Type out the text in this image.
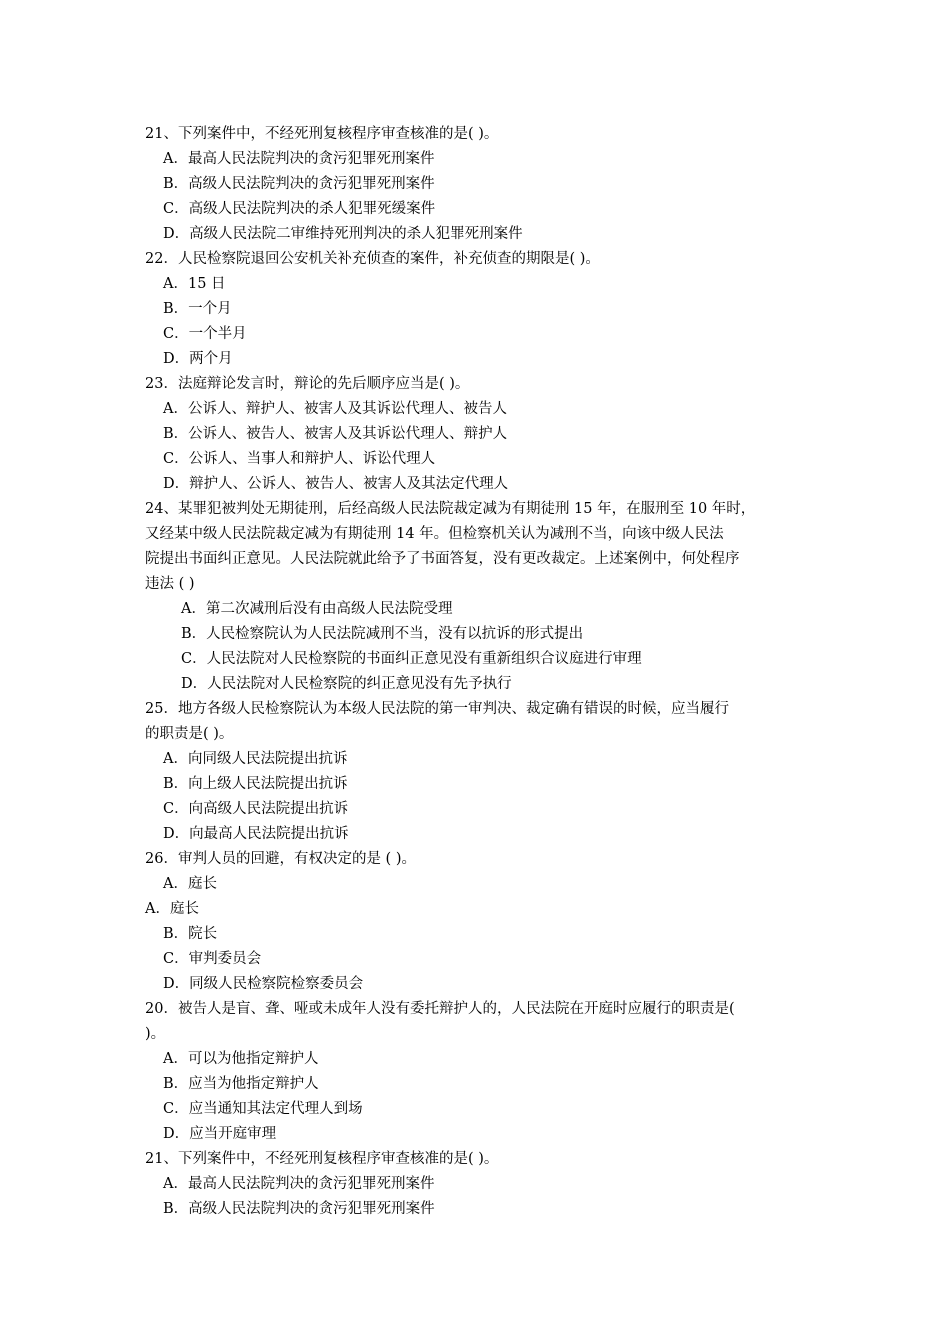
21、下列案件中，不经死刑复核程序审查核准的是( )。
A．最高人民法院判决的贪污犯罪死刑案件
B．高级人民法院判决的贪污犯罪死刑案件
C．高级人民法院判决的杀人犯罪死缓案件
D．高级人民法院二审维持死刑判决的杀人犯罪死刑案件
22．人民检察院退回公安机关补充侦查的案件，补充侦查的期限是( )。
A．15 日
B．一个月
C．一个半月
D．两个月
23．法庭辩论发言时，辩论的先后顺序应当是( )。
A．公诉人、辩护人、被害人及其诉讼代理人、被告人
B．公诉人、被告人、被害人及其诉讼代理人、辩护人
C．公诉人、当事人和辩护人、诉讼代理人
D．辩护人、公诉人、被告人、被害人及其法定代理人
24、某罪犯被判处无期徒刑，后经高级人民法院裁定减为有期徒刑 15 年，在服刑至 10 年时，
又经某中级人民法院裁定减为有期徒刑 14 年。但检察机关认为减刑不当，向该中级人民法
院提出书面纠正意见。人民法院就此给予了书面答复，没有更改裁定。上述案例中，何处程序
违法 ( )
A．第二次减刑后没有由高级人民法院受理
B．人民检察院认为人民法院减刑不当，没有以抗诉的形式提出
C．人民法院对人民检察院的书面纠正意见没有重新组织合议庭进行审理
D．人民法院对人民检察院的纠正意见没有先予执行
25．地方各级人民检察院认为本级人民法院的第一审判决、裁定确有错误的时候，应当履行
的职责是( )。
A．向同级人民法院提出抗诉
B．向上级人民法院提出抗诉
C．向高级人民法院提出抗诉
D．向最高人民法院提出抗诉
26．审判人员的回避，有权决定的是 ( )。
A．庭长
A．庭长
B．院长
C．审判委员会
D．同级人民检察院检察委员会
20．被告人是盲、聋、哑或未成年人没有委托辩护人的，人民法院在开庭时应履行的职责是(
)。
A．可以为他指定辩护人
B．应当为他指定辩护人
C．应当通知其法定代理人到场
D．应当开庭审理
21、下列案件中，不经死刑复核程序审查核准的是( )。
A．最高人民法院判决的贪污犯罪死刑案件
B．高级人民法院判决的贪污犯罪死刑案件
